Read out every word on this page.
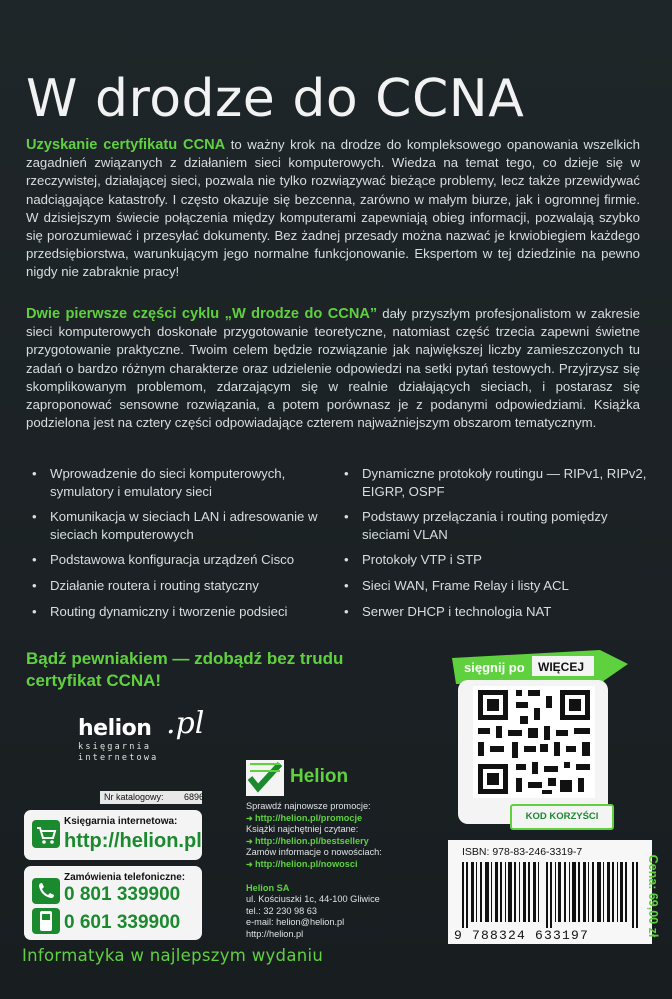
W drodze do CCNA

Uzyskanie certyfikatu CCNA to ważny krok na drodze do kompleksowego opanowania wszelkich zagadnień związanych z działaniem sieci komputerowych. Wiedza na temat tego, co dzieje się w rzeczywistej, działającej sieci, pozwala nie tylko rozwiązywać bieżące problemy, lecz także przewidywać nadciągające katastrofy. I często okazuje się bezcenna, zarówno w małym biurze, jak i ogromnej firmie. W dzisiejszym świecie połączenia między komputerami zapewniają obieg informacji, pozwalają szybko się porozumiewać i przesyłać dokumenty. Bez żadnej przesady można nazwać je krwiobiegiem każdego przedsiębiorstwa, warunkującym jego normalne funkcjonowanie. Ekspertom w tej dziedzinie na pewno nigdy nie zabraknie pracy!

Dwie pierwsze części cyklu „W drodze do CCNA” dały przyszłym profesjonalistom w zakresie sieci komputerowych doskonałe przygotowanie teoretyczne, natomiast część trzecia zapewni świetne przygotowanie praktyczne. Twoim celem będzie rozwiązanie jak największej liczby zamieszczonych tu zadań o bardzo różnym charakterze oraz udzielenie odpowiedzi na setki pytań testowych. Przyjrzysz się skomplikowanym problemom, zdarzającym się w realnie działających sieciach, i postarasz się zaproponować sensowne rozwiązania, a potem porównasz je z podanymi odpowiedziami. Książka podzielona jest na cztery części odpowiadające czterem najważniejszym obszarom tematycznym.

• Wprowadzenie do sieci komputerowych, symulatory i emulatory sieci
• Komunikacja w sieciach LAN i adresowanie w sieciach komputerowych
• Podstawowa konfiguracja urządzeń Cisco
• Działanie routera i routing statyczny
• Routing dynamiczny i tworzenie podsieci
• Dynamiczne protokoły routingu — RIPv1, RIPv2, EIGRP, OSPF
• Podstawy przełączania i routing pomiędzy sieciami VLAN
• Protokoły VTP i STP
• Sieci WAN, Frame Relay i listy ACL
• Serwer DHCP i technologia NAT
Bądź pewniakiem — zdobądź bez trudu certyfikat CCNA!
helion .pl
księgarnia
internetowa
Nr katalogowy: 6896
Księgarnia internetowa:
http://helion.pl
Zamówienia telefoniczne:
0 801 339900
0 601 339900
Informatyka w najlepszym wydaniu
Helion
Sprawdź najnowsze promocje:
➜ http://helion.pl/promocje
Książki najchętniej czytane:
➜ http://helion.pl/bestsellery
Zamów informacje o nowościach:
➜ http://helion.pl/nowosci
Helion SA
ul. Kościuszki 1c, 44-100 Gliwice
tel.: 32 230 98 63
e-mail: helion@helion.pl
http://helion.pl
sięgnij po WIĘCEJ
KOD KORZYŚCI
ISBN: 978-83-246-3319-7
9 788324 633197	Cena: 69,00 zł
